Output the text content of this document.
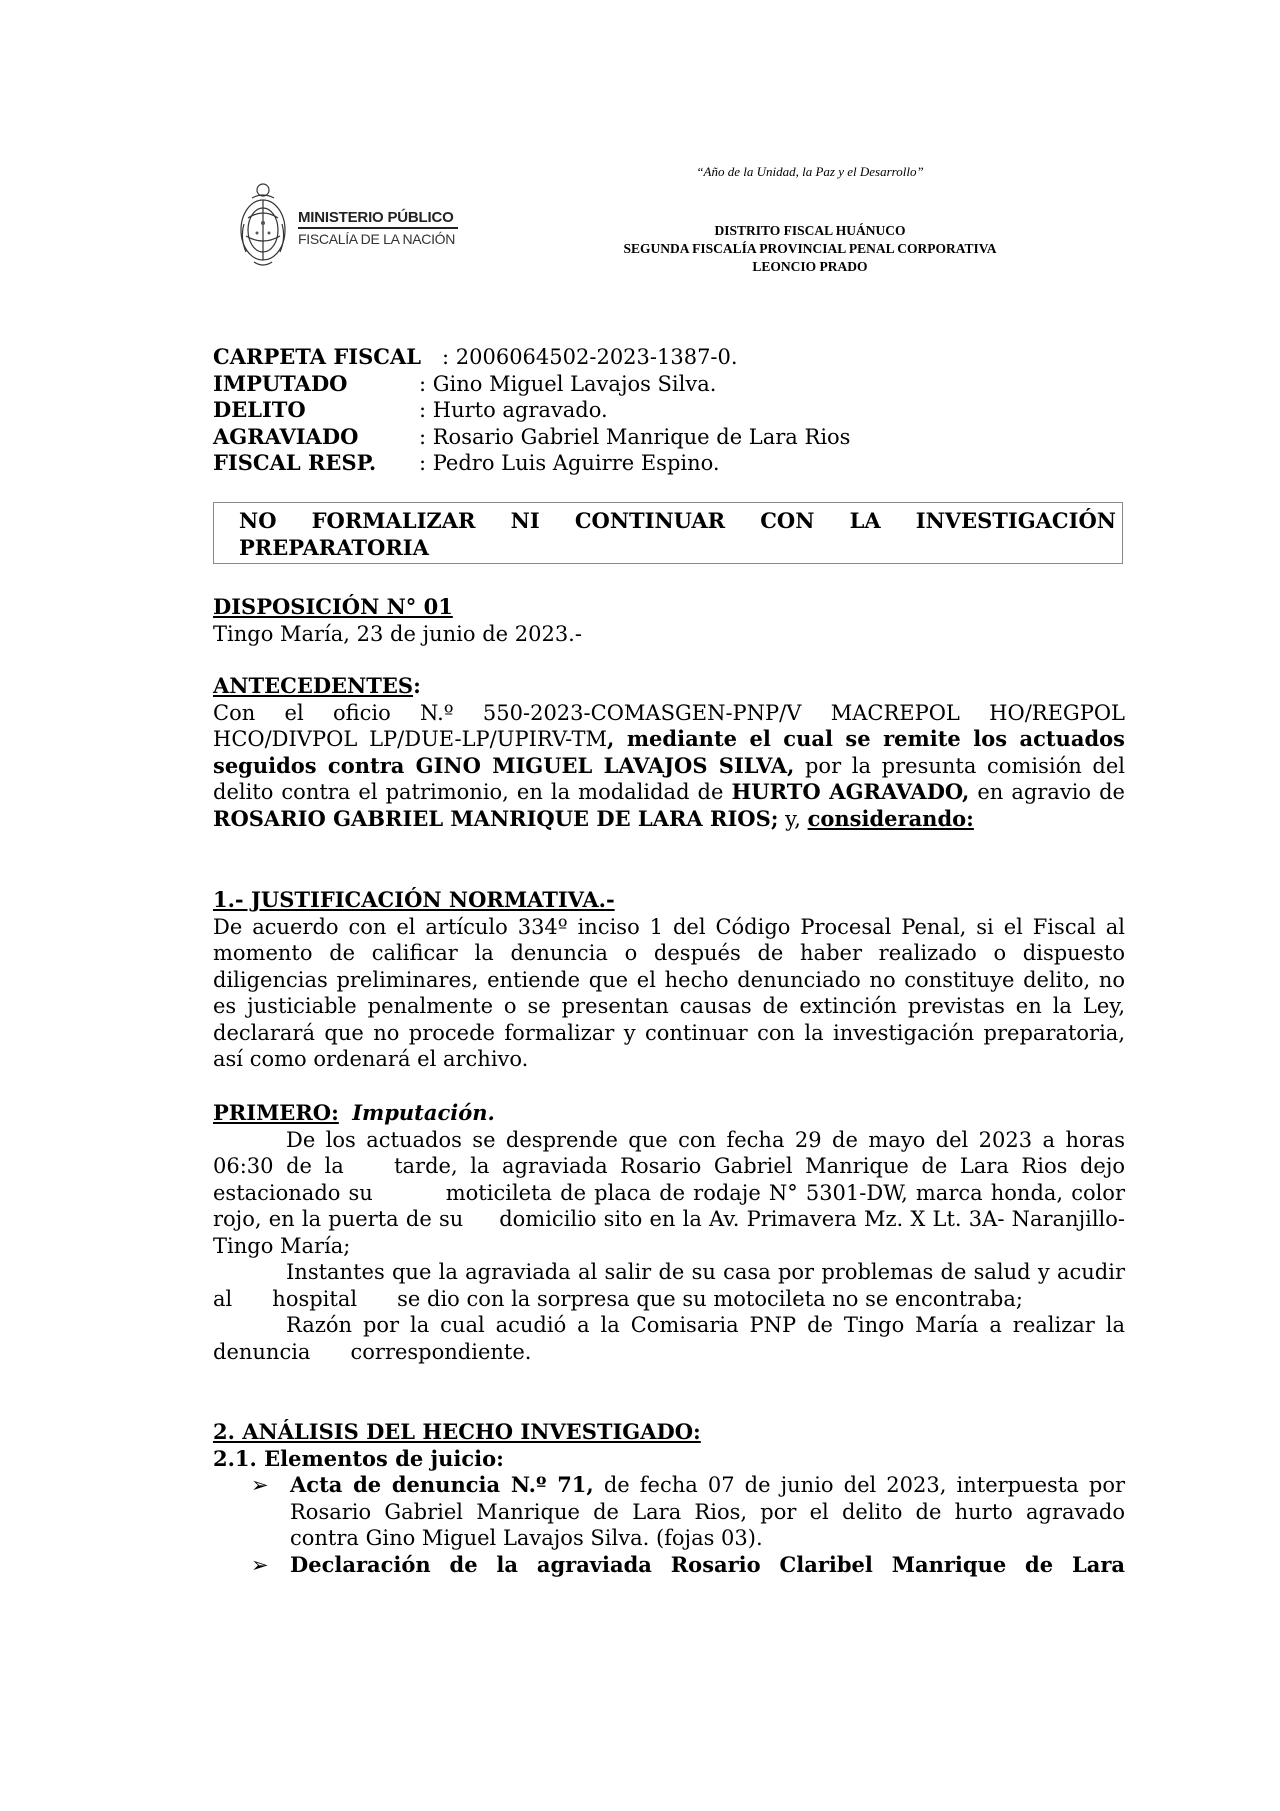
“Año de la Unidad, la Paz y el Desarrollo”
MINISTERIO PÚBLICO
FISCALÍA DE LA NACIÓN
DISTRITO FISCAL HUÁNUCO
SEGUNDA FISCALÍA PROVINCIAL PENAL CORPORATIVA
LEONCIO PRADO
CARPETA FISCAL : 2006064502-2023-1387-0.
IMPUTADO	: Gino Miguel Lavajos Silva.
DELITO	: Hurto agravado.
AGRAVIADO	: Rosario Gabriel Manrique de Lara Rios
FISCAL RESP. : Pedro Luis Aguirre Espino.
NO FORMALIZAR NI CONTINUAR CON LA INVESTIGACIÓN
PREPARATORIA
DISPOSICIÓN N° 01
Tingo María, 23 de junio de 2023.-
ANTECEDENTES:

Con el oficio N.º 550-2023-COMASGEN-PNP/V MACREPOL HO/REGPOL HCO/DIVPOL LP/DUE-LP/UPIRV-TM, mediante el cual se remite los actuados seguidos contra GINO MIGUEL LAVAJOS SILVA, por la presunta comisión del delito contra el patrimonio, en la modalidad de HURTO AGRAVADO, en agravio de ROSARIO GABRIEL MANRIQUE DE LARA RIOS; y, considerando:

1.- JUSTIFICACIÓN NORMATIVA.-

De acuerdo con el artículo 334º inciso 1 del Código Procesal Penal, si el Fiscal al momento de calificar la denuncia o después de haber realizado o dispuesto diligencias preliminares, entiende que el hecho denunciado no constituye delito, no es justiciable penalmente o se presentan causas de extinción previstas en la Ley, declarará que no procede formalizar y continuar con la investigación preparatoria, así como ordenará el archivo.

PRIMERO: Imputación.

De los actuados se desprende que con fecha 29 de mayo del 2023 a horas 06:30 de la    tarde, la agraviada Rosario Gabriel Manrique de Lara Rios dejo estacionado su         moticileta de placa de rodaje N° 5301-DW, marca honda, color rojo, en la puerta de su     domicilio sito en la Av. Primavera Mz. X Lt. 3A- Naranjillo- Tingo María;

Instantes que la agraviada al salir de su casa por problemas de salud y acudir al      hospital      se dio con la sorpresa que su motocileta no se encontraba;

Razón por la cual acudió a la Comisaria PNP de Tingo María a realizar la denuncia      correspondiente.

2. ANÁLISIS DEL HECHO INVESTIGADO:
2.1. Elementos de juicio:

➢ Acta de denuncia N.º 71, de fecha 07 de junio del 2023, interpuesta por Rosario Gabriel Manrique de Lara Rios, por el delito de hurto agravado contra Gino Miguel Lavajos Silva. (fojas 03).

➢ Declaración de la agraviada Rosario Claribel Manrique de Lara
